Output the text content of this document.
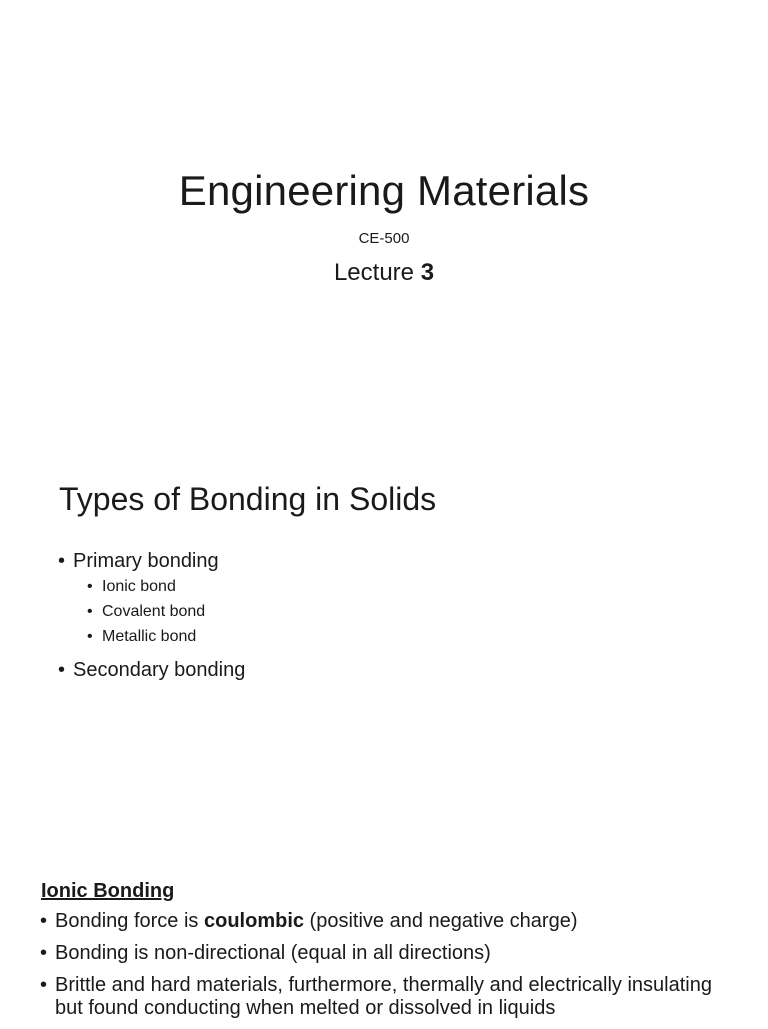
Engineering Materials
CE-500
Lecture 3
Types of Bonding in Solids
• Primary bonding
• Ionic bond
• Covalent bond
• Metallic bond
• Secondary bonding
Ionic Bonding
• Bonding force is coulombic (positive and negative charge)
• Bonding is non-directional (equal in all directions)
• Brittle and hard materials, furthermore, thermally and electrically insulating but found conducting when melted or dissolved in liquids
